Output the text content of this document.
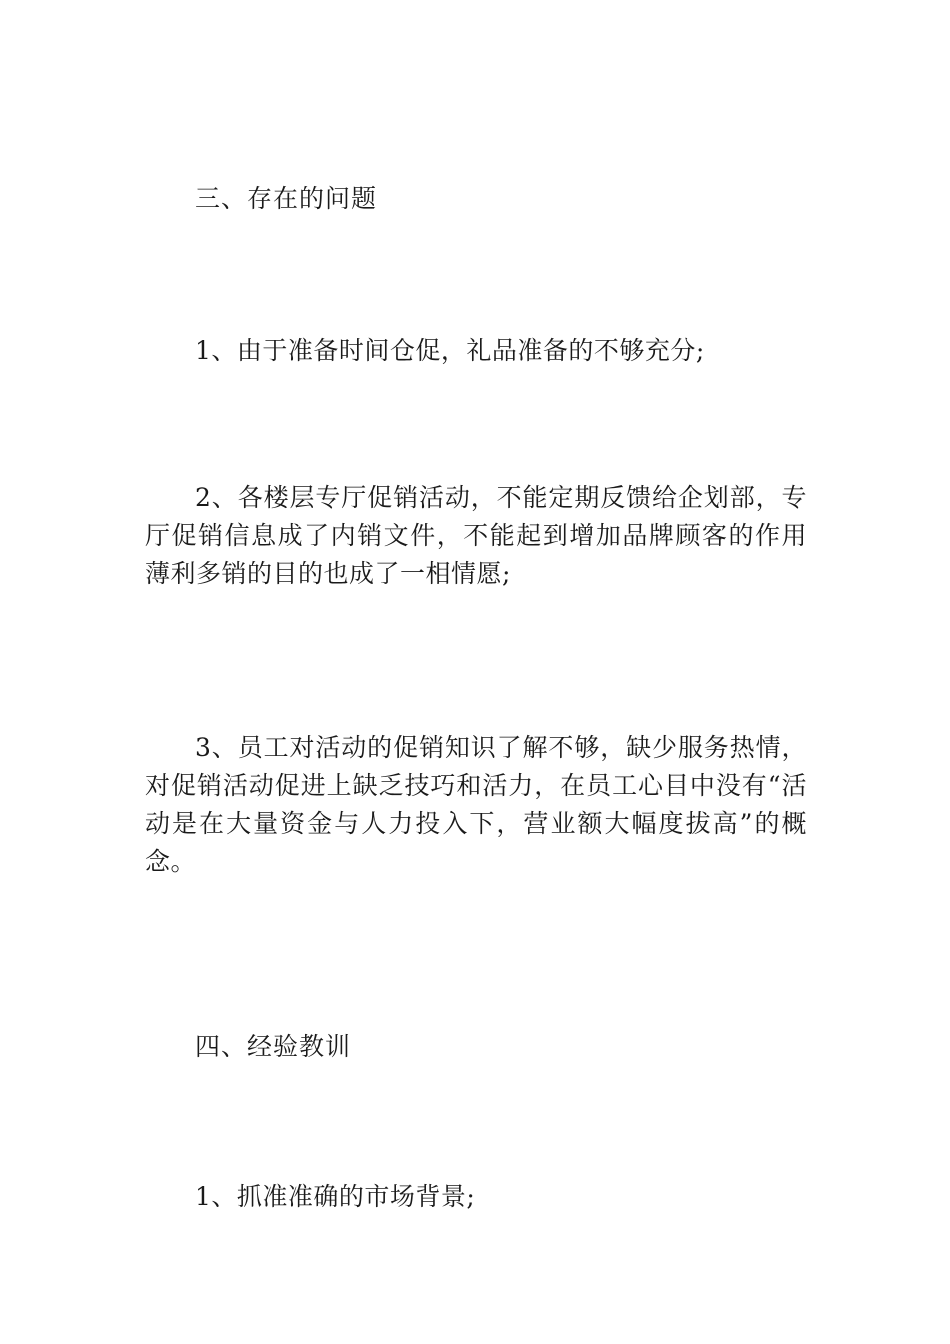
三、存在的问题

1、由于准备时间仓促，礼品准备的不够充分;

2、各楼层专厅促销活动，不能定期反馈给企划部，专厅促销信息成了内销文件，不能起到增加品牌顾客的作用薄利多销的目的也成了一相情愿;

3、员工对活动的促销知识了解不够，缺少服务热情，对促销活动促进上缺乏技巧和活力，在员工心目中没有“活动是在大量资金与人力投入下，营业额大幅度拔高”的概念。

四、经验教训

1、抓准准确的市场背景;
